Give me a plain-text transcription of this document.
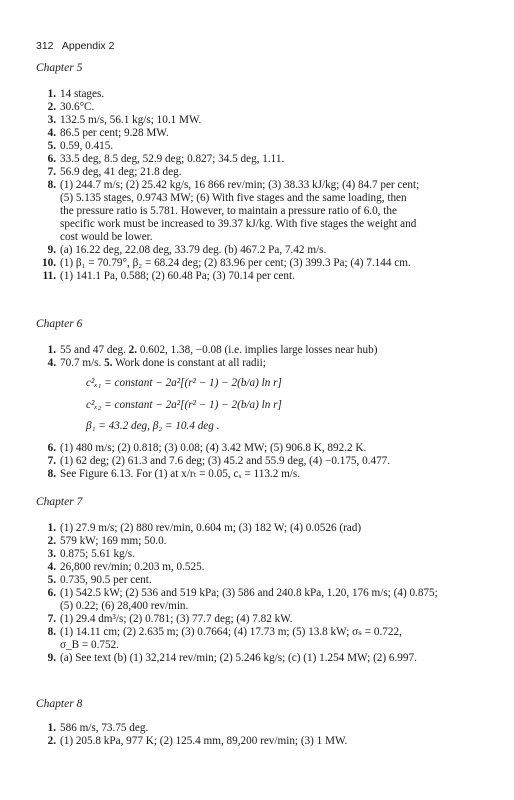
312 Appendix 2
Chapter 5
1. 14 stages.
2. 30.6°C.
3. 132.5 m/s, 56.1 kg/s; 10.1 MW.
4. 86.5 per cent; 9.28 MW.
5. 0.59, 0.415.
6. 33.5 deg, 8.5 deg, 52.9 deg; 0.827; 34.5 deg, 1.11.
7. 56.9 deg, 41 deg; 21.8 deg.
8. (1) 244.7 m/s; (2) 25.42 kg/s, 16 866 rev/min; (3) 38.33 kJ/kg; (4) 84.7 per cent;
(5) 5.135 stages, 0.9743 MW; (6) With five stages and the same loading, then
the pressure ratio is 5.781. However, to maintain a pressure ratio of 6.0, the
specific work must be increased to 39.37 kJ/kg. With five stages the weight and
cost would be lower.
9. (a) 16.22 deg, 22.08 deg, 33.79 deg. (b) 467.2 Pa, 7.42 m/s.
10. (1) β₁ = 70.79°, β₂ = 68.24 deg; (2) 83.96 per cent; (3) 399.3 Pa; (4) 7.144 cm.
11. (1) 141.1 Pa, 0.588; (2) 60.48 Pa; (3) 70.14 per cent.
Chapter 6
1. 55 and 47 deg. 2. 0.602, 1.38, −0.08 (i.e. implies large losses near hub)
4. 70.7 m/s. 5. Work done is constant at all radii;
c²ₓ₁ = constant − 2a²[(r² − 1) − 2(b/a) ln r]
c²ₓ₂ = constant − 2a²[(r² − 1) − 2(b/a) ln r]
β₁ = 43.2 deg, β₂ = 10.4 deg .
6. (1) 480 m/s; (2) 0.818; (3) 0.08; (4) 3.42 MW; (5) 906.8 K, 892.2 K.
7. (1) 62 deg; (2) 61.3 and 7.6 deg; (3) 45.2 and 55.9 deg, (4) −0.175, 0.477.
8. See Figure 6.13. For (1) at x/rₜ = 0.05, cₓ = 113.2 m/s.
Chapter 7
1. (1) 27.9 m/s; (2) 880 rev/min, 0.604 m; (3) 182 W; (4) 0.0526 (rad)
2. 579 kW; 169 mm; 50.0.
3. 0.875; 5.61 kg/s.
4. 26,800 rev/min; 0.203 m, 0.525.
5. 0.735, 90.5 per cent.
6. (1) 542.5 kW; (2) 536 and 519 kPa; (3) 586 and 240.8 kPa, 1.20, 176 m/s; (4) 0.875;
(5) 0.22; (6) 28,400 rev/min.
7. (1) 29.4 dm³/s; (2) 0.781; (3) 77.7 deg; (4) 7.82 kW.
8. (1) 14.11 cm; (2) 2.635 m; (3) 0.7664; (4) 17.73 m; (5) 13.8 kW; σₛ = 0.722,
σ_B = 0.752.
9. (a) See text (b) (1) 32,214 rev/min; (2) 5.246 kg/s; (c) (1) 1.254 MW; (2) 6.997.
Chapter 8
1. 586 m/s, 73.75 deg.
2. (1) 205.8 kPa, 977 K; (2) 125.4 mm, 89,200 rev/min; (3) 1 MW.
